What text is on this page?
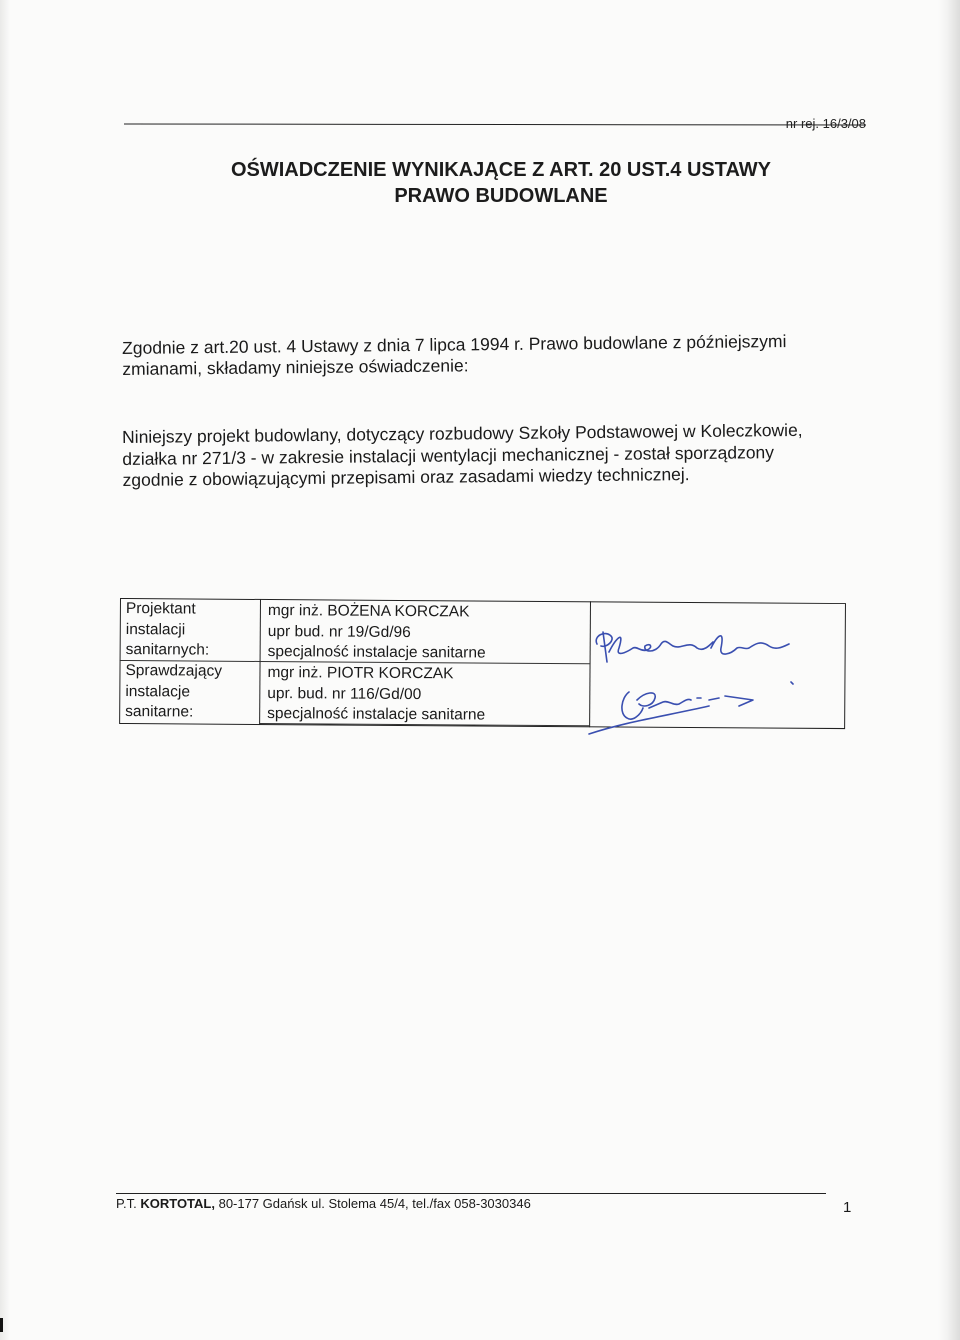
nr rej. 16/3/08
OŚWIADCZENIE WYNIKAJĄCE Z ART. 20 UST.4 USTAWY
PRAWO BUDOWLANE
Zgodnie z art.20 ust. 4 Ustawy z dnia 7 lipca 1994 r. Prawo budowlane z późniejszymi
zmianami, składamy niniejsze oświadczenie:
Niniejszy projekt budowlany, dotyczący rozbudowy Szkoły Podstawowej w Koleczkowie,
działka nr 271/3 - w zakresie instalacji wentylacji mechanicznej - został sporządzony
zgodnie z obowiązującymi przepisami oraz zasadami wiedzy technicznej.
Projektant
instalacji
sanitarnych:
mgr inż. BOŻENA KORCZAK
upr bud. nr 19/Gd/96
specjalność instalacje sanitarne
Sprawdzający
instalacje
sanitarne:
mgr inż. PIOTR KORCZAK
upr. bud. nr 116/Gd/00
specjalność instalacje sanitarne
P.T. KORTOTAL, 80-177 Gdańsk ul. Stolema 45/4, tel./fax 058-3030346	1
